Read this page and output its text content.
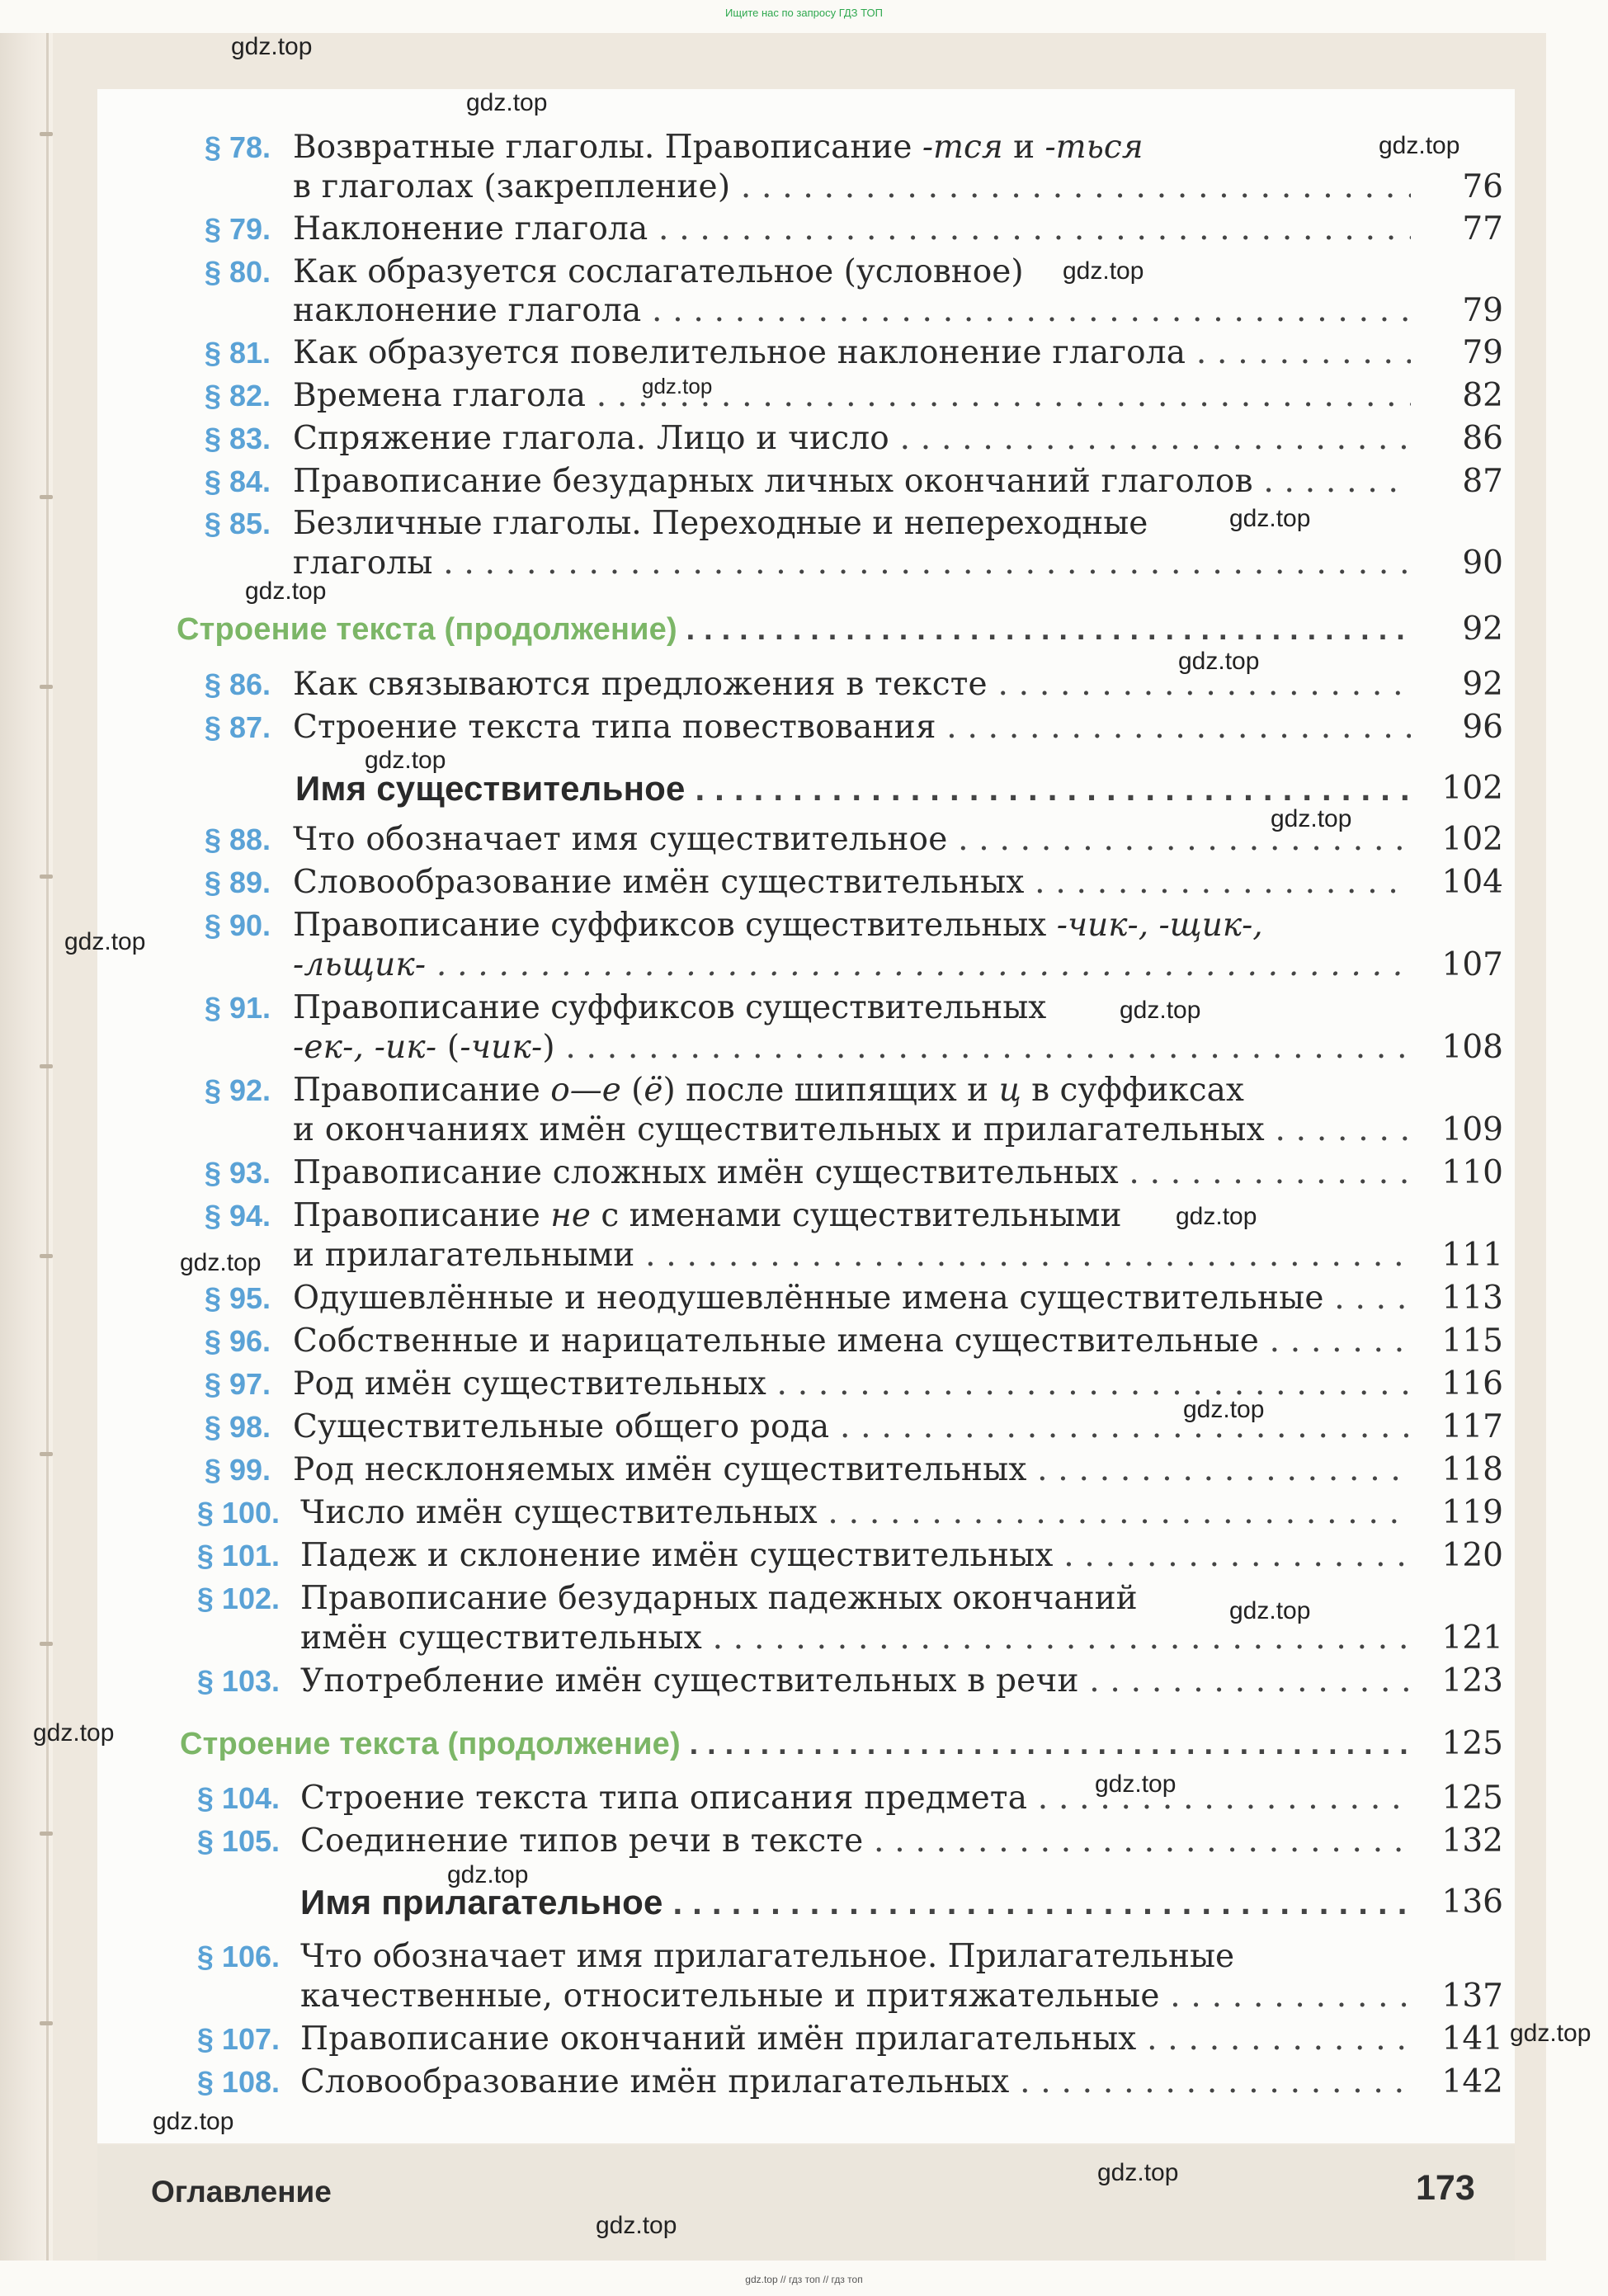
Ищите нас по запросу ГДЗ ТОП
§ 78. Возвратные глаголы. Правописание -тся и -ться
в глаголах (закрепление) . . .	76
§ 79. Наклонение глагола . . .	77
§ 80. Как образуется сослагательное (условное)
наклонение глагола . . .	79
§ 81. Как образуется повелительное наклонение глагола . . .	79
§ 82. Времена глагола . . .	82
§ 83. Спряжение глагола. Лицо и число . . .	86
§ 84. Правописание безударных личных окончаний глаголов . . .	87
§ 85. Безличные глаголы. Переходные и непереходные
глаголы . . .	90
Строение текста (продолжение) . . .	92
§ 86. Как связываются предложения в тексте . . .	92
§ 87. Строение текста типа повествования . . .	96
Имя существительное . . .	102
§ 88. Что обозначает имя существительное . . .	102
§ 89. Словообразование имён существительных . . .	104
§ 90. Правописание суффиксов существительных -чик-, -щик-,
-льщик- . . .	107
§ 91. Правописание суффиксов существительных
-ек-, -ик- (-чик-) . . .	108
§ 92. Правописание о—е (ё) после шипящих и ц в суффиксах
и окончаниях имён существительных и прилагательных . . .	109
§ 93. Правописание сложных имён существительных . . .	110
§ 94. Правописание не с именами существительными
и прилагательными . . .	111
§ 95. Одушевлённые и неодушевлённые имена существительные . . .	113
§ 96. Собственные и нарицательные имена существительные . . .	115
§ 97. Род имён существительных . . .	116
§ 98. Существительные общего рода . . .	117
§ 99. Род несклоняемых имён существительных . . .	118
§ 100. Число имён существительных . . .	119
§ 101. Падеж и склонение имён существительных . . .	120
§ 102. Правописание безударных падежных окончаний
имён существительных . . .	121
§ 103. Употребление имён существительных в речи . . .	123
Строение текста (продолжение) . . .	125
§ 104. Строение текста типа описания предмета . . .	125
§ 105. Соединение типов речи в тексте . . .	132
Имя прилагательное . . .	136
§ 106. Что обозначает имя прилагательное. Прилагательные
качественные, относительные и притяжательные . . .	137
§ 107. Правописание окончаний имён прилагательных . . .	141
§ 108. Словообразование имён прилагательных . . .	142
Оглавление	173
gdz.top
gdz.top
gdz.top
gdz.top
gdz.top
gdz.top
gdz.top
gdz.top
gdz.top
gdz.top
gdz.top
gdz.top
gdz.top
gdz.top
gdz.top
gdz.top
gdz.top
gdz.top
gdz.top
gdz.top
gdz.top
gdz.top
gdz.top
gdz.top // гдз топ // гдз топ
